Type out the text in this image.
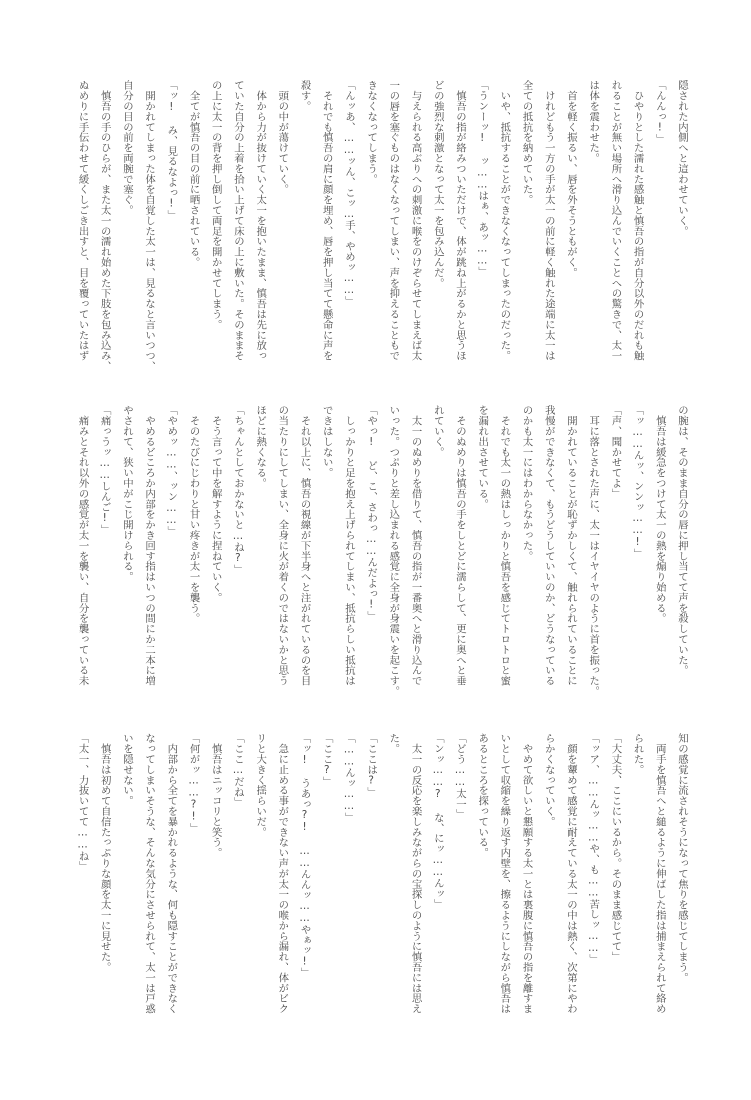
隠された内側へと這わせていく。
「んんっ!」
　ひやりとした濡れた感触と慎吾の指が自分以外のだれも触
れることが無い場所へ滑り込んでいくことへの驚きで、太一
は体を震わせた。
　首を軽く振るい、唇を外そうともがく。
　けれどもう一方の手が太一の前に軽く触れた途端に太一は
全ての抵抗を納めていた。
　いや、抵抗することができなくなってしまったのだった。
「うンーッ! ッ……はぁ、あッ……」
　慎吾の指が絡みついただけで、体が跳ね上がるかと思うほ
どの強烈な刺激となって太一を包み込んだ。
　与えられる高ぶりへの刺激に喉をのけぞらせてしまえば太
一の唇を塞ぐものはなくなってしまい、声を抑えることもで
きなくなってしまう。
「んッあ、……ッん、こッ…手、やめッ……」
　それでも慎吾の肩に顔を埋め、唇を押し当てて懸命に声を
殺す。
　頭の中が蕩けていく。
　体から力が抜けていく太一を抱いたまま、慎吾は先に放っ
ていた自分の上着を拾い上げて床の上に敷いた。そのままそ
の上に太一の背を押し倒して両足を開かせてしまう。
　全てが慎吾の目の前に晒されている。
「ッ! み、見るなよっ!」
　開かれてしまった体を自覚した太一は、見るなと言いつつ、
自分の目の前を両腕で塞ぐ。
　慎吾の手のひらが、また太一の濡れ始めた下肢を包み込み、
ぬめりに手伝わせて緩くしごき出すと、目を覆っていたはず
の腕は、そのまま自分の唇に押し当てて声を殺していた。
　慎吾は緩急をつけて太一の熱を煽り始める。
「ッ……んッ、ンンッ……!」
「声、聞かせてよ」
　耳に落とされた声に、太一はイヤイヤのように首を振った。
　開かれていることが恥ずかしくて、触れられていることに
我慢ができなくて、もうどうしていいのか、どうなっている
のかも太一にはわからなかった。
　それでも太一の熱はしっかりと慎吾を感じてトロトロと蜜
を漏れ出させている。
　そのぬめりは慎吾の手をしとどに濡らして、更に奥へと垂
れていく。
　太一のぬめりを借りて、慎吾の指が一番奥へと滑り込んで
いった。つぷりと差し込まれる感覚に全身が身震いを起こす。
「やっ! ど、こ、さわっ……んだよっ!」
　しっかりと足を抱え上げられてしまい、抵抗らしい抵抗は
できはしない。
　それ以上に、慎吾の視線が下半身へと注がれているのを目
の当たりにしてしまい、全身に火が着くのではないかと思う
ほどに熱くなる。
「ちゃんとしておかないと…ね?」
　そう言って中を解すように捏ねていく。
　そのたびにじわりと甘い疼きが太一を襲う。
「やめッ……、ッン……」
　やめるどころか内部をかき回す指はいつの間にか二本に増
やされて、狭い中がこじ開けられる。
「痛っうッ……しんご!」
　痛みとそれ以外の感覚が太一を襲い、自分を襲っている未
知の感覚に流されそうになって焦りを感じてしまう。
　両手を慎吾へと縋るように伸ばした指は捕まえられて絡め
られた。
「大丈夫、ここにいるから。そのまま感じてて」
「ッア、……んッ……や、も……苦しッ……」
　顔を顰めて感覚に耐えている太一の中は熱く、次第にやわ
らかくなっていく。
　やめて欲しいと懇願する太一とは裏腹に慎吾の指を離すま
いとして収縮を繰り返す内壁を、擦るようにしながら慎吾は
あるところを探っている。
「どう……太一」
「ンッ……? な、にッ……んッ」
　太一の反応を楽しみながらの宝探しのように慎吾には思え
た。
「ここは?」
「……んッ……」
「ここ?」
「ッ! うあっ?! ……んんッ……やぁッ!」
　急に止める事ができない声が太一の喉から漏れ、体がビク
リと大きく揺らいだ。
「ここ…だね」
　慎吾はニッコリと笑う。
「何がッ……?!」
　内部から全てを暴かれるような、何も隠すことができなく
なってしまいそうな、そんな気分にさせられて、太一は戸惑
いを隠せない。
　慎吾は初めて自信たっぷりな顔を太一に見せた。
「太一、力抜いてて……ね」
